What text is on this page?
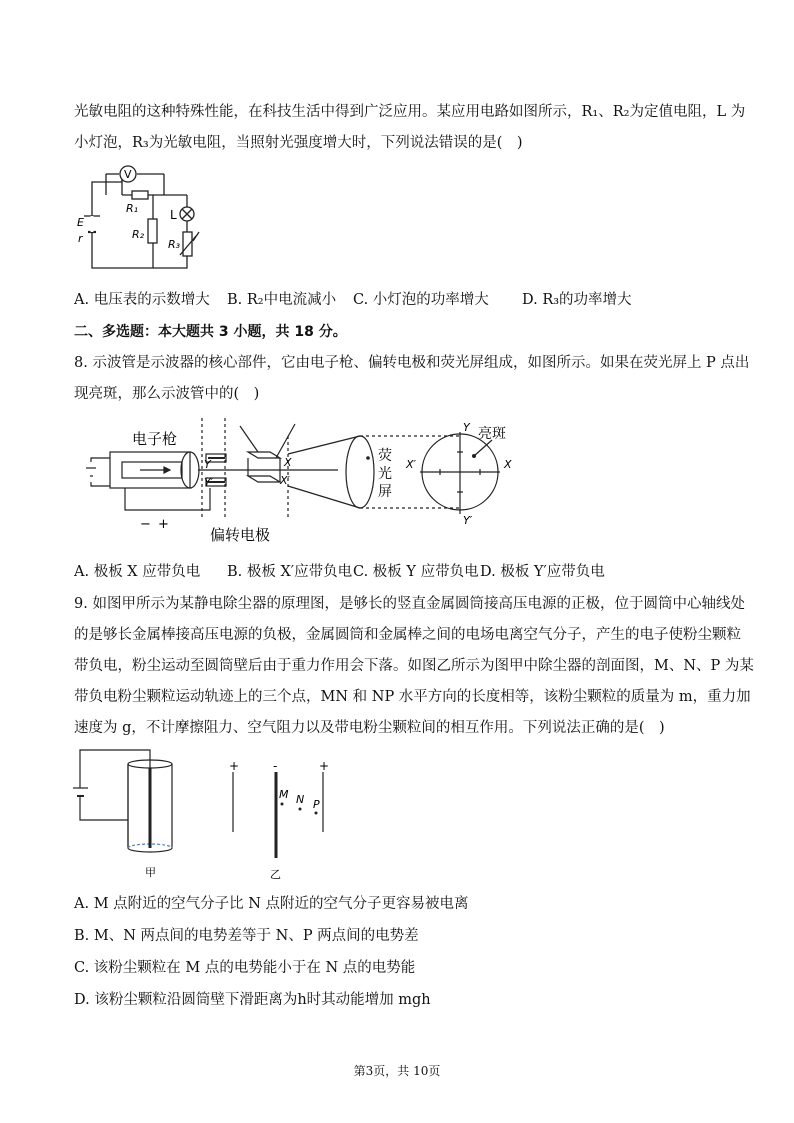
光敏电阻的这种特殊性能，在科技生活中得到广泛应用。某应用电路如图所示，R₁、R₂为定值电阻，L 为
小灯泡，R₃为光敏电阻，当照射光强度增大时，下列说法错误的是(　)
V
R₁
R₂
R₃
L
E
r
A. 电压表的示数增大 B. R₂中电流减小 C. 小灯泡的功率增大 D. R₃的功率增大
二、多选题：本大题共 3 小题，共 18 分。
8. 示波管是示波器的核心部件，它由电子枪、偏转电极和荧光屏组成，如图所示。如果在荧光屏上 P 点出
现亮斑，那么示波管中的(　)
电子枪
偏转电极
荧
光
屏
亮斑
− +
Y
Y′
X
X′
Y
Y′
X
X′
A. 极板 X 应带负电 B. 极板 X′应带负电 C. 极板 Y 应带负电 D. 极板 Y′应带负电
9. 如图甲所示为某静电除尘器的原理图，是够长的竖直金属圆筒接高压电源的正极，位于圆筒中心轴线处
的是够长金属棒接高压电源的负极，金属圆筒和金属棒之间的电场电离空气分子，产生的电子使粉尘颗粒
带负电，粉尘运动至圆筒壁后由于重力作用会下落。如图乙所示为图甲中除尘器的剖面图，M、N、P 为某
带负电粉尘颗粒运动轨迹上的三个点，MN 和 NP 水平方向的长度相等，该粉尘颗粒的质量为 m，重力加
速度为 g，不计摩擦阻力、空气阻力以及带电粉尘颗粒间的相互作用。下列说法正确的是(　)
甲	乙
+	-	+
M N P
A. M 点附近的空气分子比 N 点附近的空气分子更容易被电离
B. M、N 两点间的电势差等于 N、P 两点间的电势差
C. 该粉尘颗粒在 M 点的电势能小于在 N 点的电势能
D. 该粉尘颗粒沿圆筒壁下滑距离为h时其动能增加 mgh
第3页，共 10页
